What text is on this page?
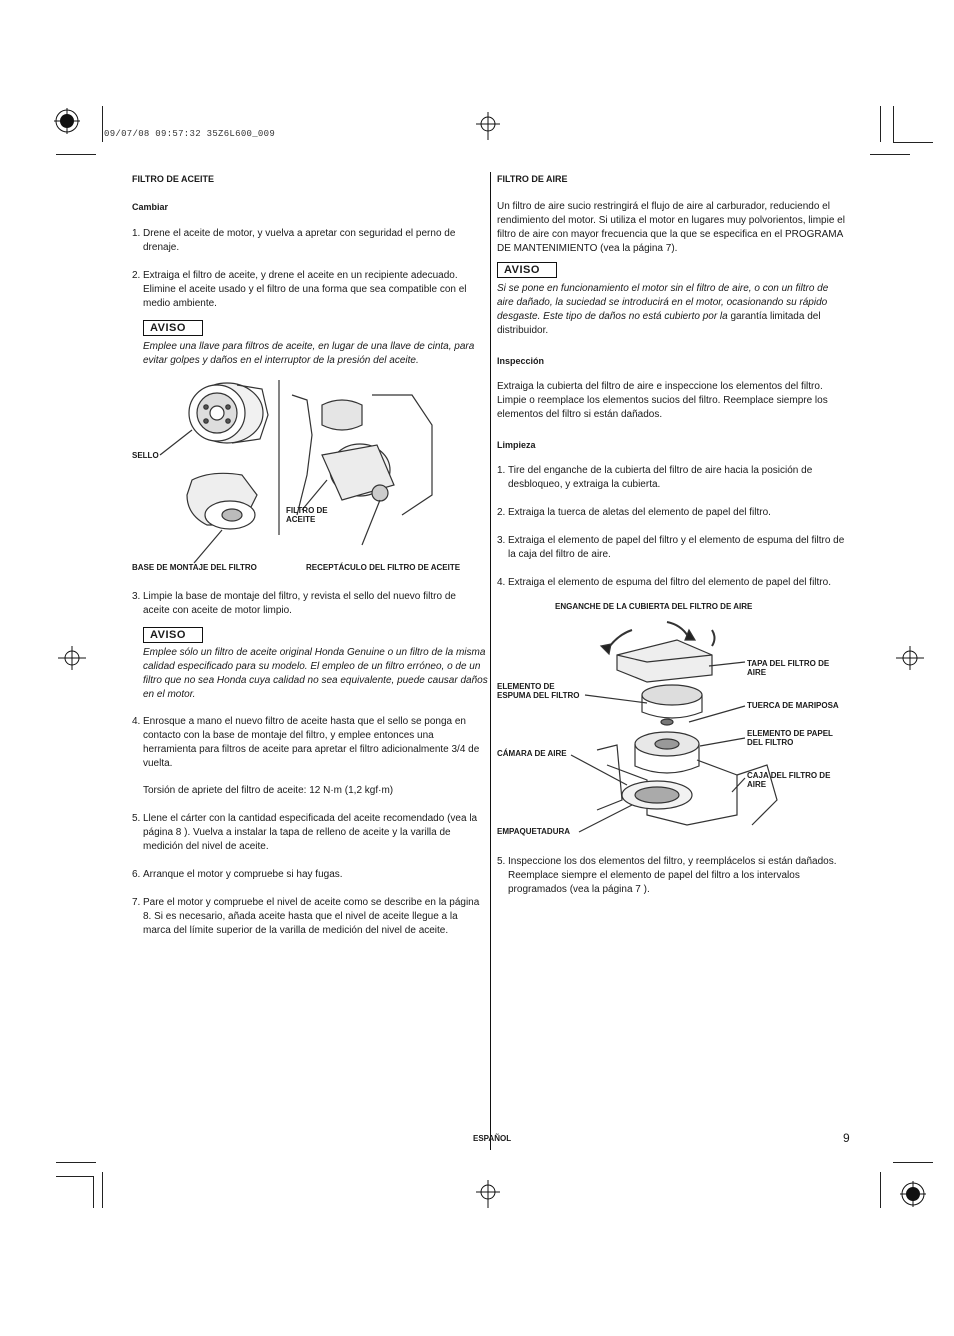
09/07/08 09:57:32 35Z6L600_009
FILTRO DE ACEITE
Cambiar
1. Drene el aceite de motor, y vuelva a apretar con seguridad el perno de drenaje.
2. Extraiga el filtro de aceite, y drene el aceite en un recipiente adecuado. Elimine el aceite usado y el filtro de una forma que sea compatible con el medio ambiente.
AVISO
Emplee una llave para filtros de aceite, en lugar de una llave de cinta, para evitar golpes y daños en el interruptor de la presión del aceite.
SELLO
FILTRO DE ACEITE
BASE DE MONTAJE DEL FILTRO	RECEPTÁCULO DEL FILTRO DE ACEITE
3. Limpie la base de montaje del filtro, y revista el sello del nuevo filtro de aceite con aceite de motor limpio.
AVISO
Emplee sólo un filtro de aceite original Honda Genuine o un filtro de la misma calidad especificado para su modelo. El empleo de un filtro erróneo, o de un filtro que no sea Honda cuya calidad no sea equivalente, puede causar daños en el motor.
4. Enrosque a mano el nuevo filtro de aceite hasta que el sello se ponga en contacto con la base de montaje del filtro, y emplee entonces una herramienta para filtros de aceite para apretar el filtro adicionalmente 3/4 de vuelta.
Torsión de apriete del filtro de aceite: 12 N·m (1,2 kgf·m)
5. Llene el cárter con la cantidad especificada del aceite recomendado (vea la página 8 ). Vuelva a instalar la tapa de relleno de aceite y la varilla de medición del nivel de aceite.
6. Arranque el motor y compruebe si hay fugas.
7. Pare el motor y compruebe el nivel de aceite como se describe en la página 8. Si es necesario, añada aceite hasta que el nivel de aceite llegue a la marca del límite superior de la varilla de medición del nivel de aceite.
FILTRO DE AIRE
Un filtro de aire sucio restringirá el flujo de aire al carburador, reduciendo el rendimiento del motor. Si utiliza el motor en lugares muy polvorientos, limpie el filtro de aire con mayor frecuencia que la que se especifica en el PROGRAMA DE MANTENIMIENTO (vea la página 7).
AVISO
Si se pone en funcionamiento el motor sin el filtro de aire, o con un filtro de aire dañado, la suciedad se introducirá en el motor, ocasionando su rápido desgaste. Este tipo de daños no está cubierto por la garantía limitada del distribuidor.
Inspección
Extraiga la cubierta del filtro de aire e inspeccione los elementos del filtro. Limpie o reemplace los elementos sucios del filtro. Reemplace siempre los elementos del filtro si están dañados.
Limpieza
1. Tire del enganche de la cubierta del filtro de aire hacia la posición de desbloqueo, y extraiga la cubierta.
2. Extraiga la tuerca de aletas del elemento de papel del filtro.
3. Extraiga el elemento de papel del filtro y el elemento de espuma del filtro de la caja del filtro de aire.
4. Extraiga el elemento de espuma del filtro del elemento de papel del filtro.
ENGANCHE DE LA CUBIERTA DEL FILTRO DE AIRE
TAPA DEL FILTRO DE AIRE
ELEMENTO DE ESPUMA DEL FILTRO
TUERCA DE MARIPOSA
ELEMENTO DE PAPEL DEL FILTRO
CÁMARA DE AIRE
CAJA DEL FILTRO DE AIRE
EMPAQUETADURA
5. Inspeccione los dos elementos del filtro, y reemplácelos si están dañados. Reemplace siempre el elemento de papel del filtro a los intervalos programados (vea la página 7 ).
ESPAÑOL	9
